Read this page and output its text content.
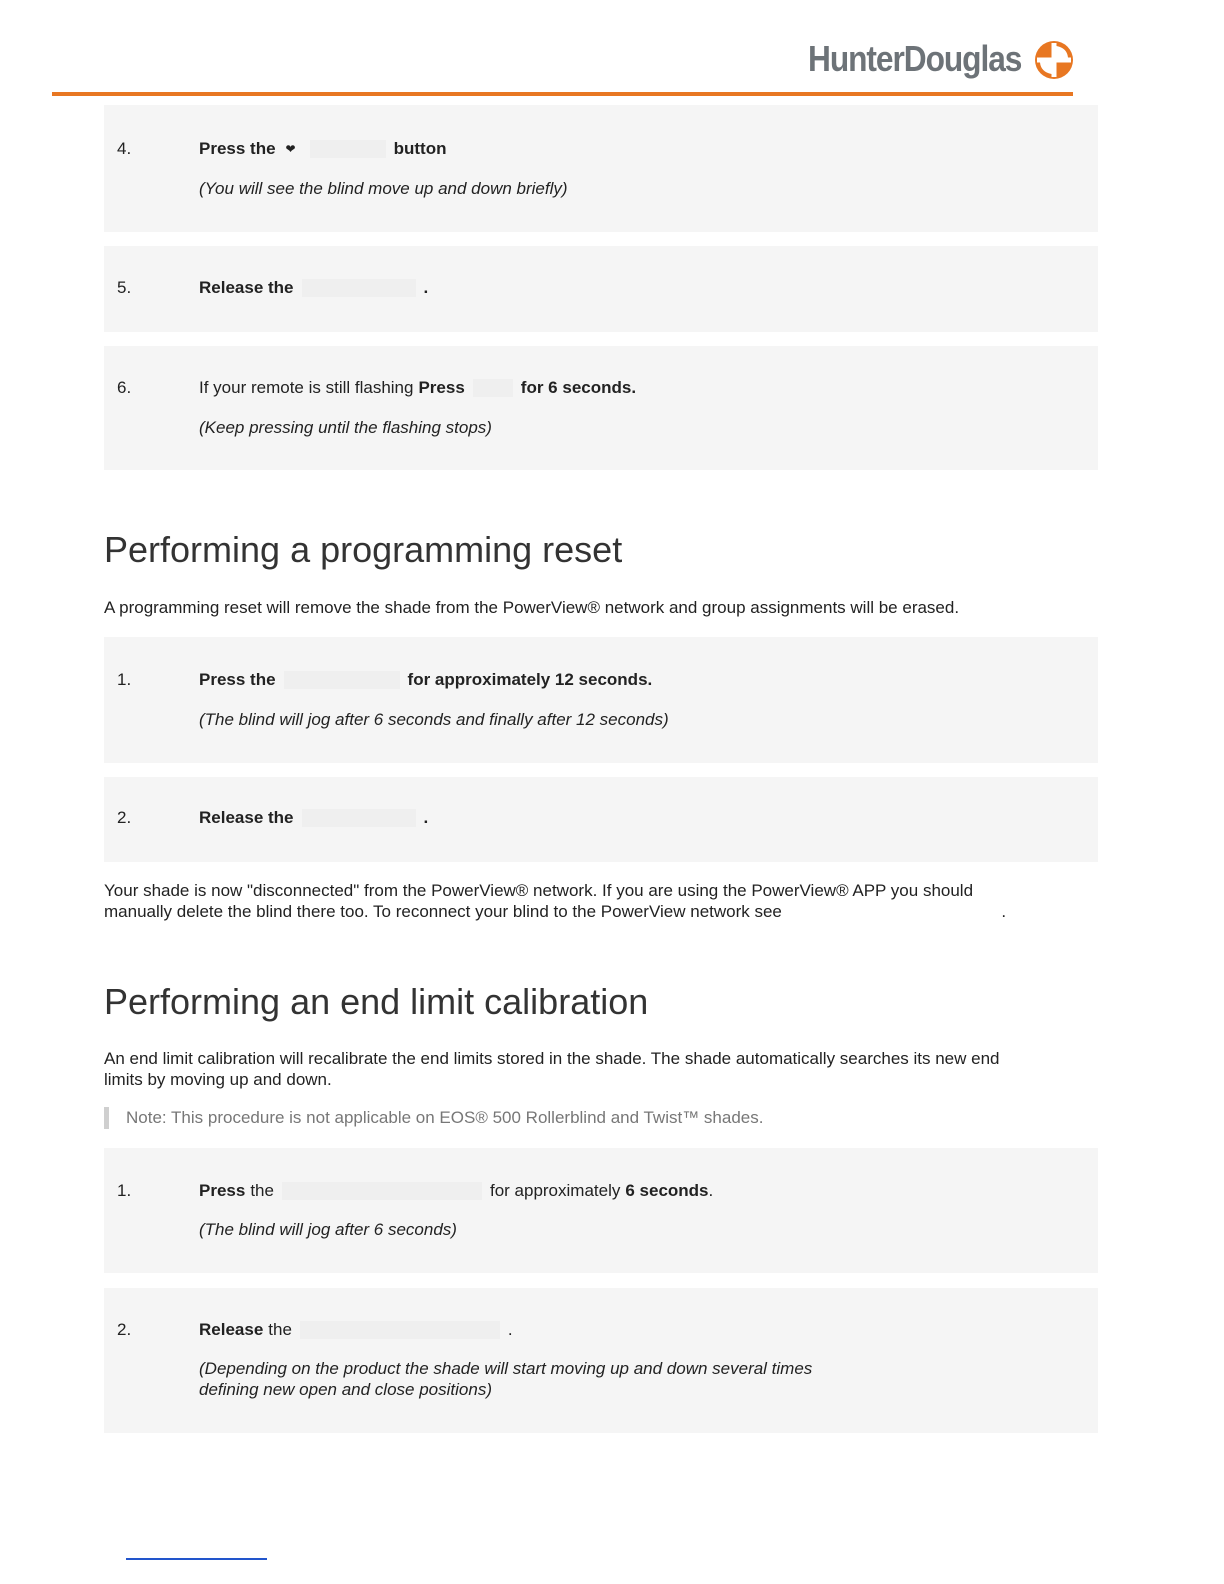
HunterDouglas
4.	Press the ❤	button
(You will see the blind move up and down briefly)
5.	Release the	.
6.	If your remote is still flashing Press	for 6 seconds.
(Keep pressing until the flashing stops)
Performing a programming reset

A programming reset will remove the shade from the PowerView® network and group assignments will be erased.

1.	Press the	for approximately 12 seconds.
(The blind will jog after 6 seconds and finally after 12 seconds)
2.	Release the	.
Your shade is now "disconnected" from the PowerView® network. If you are using the PowerView® APP you should
manually delete the blind there too. To reconnect your blind to the PowerView network see	.
Performing an end limit calibration
An end limit calibration will recalibrate the end limits stored in the shade. The shade automatically searches its new end
limits by moving up and down.
Note: This procedure is not applicable on EOS® 500 Rollerblind and Twist™ shades.
1.	Press the	for approximately 6 seconds .
(The blind will jog after 6 seconds)
2.	Release the	.
(Depending on the product the shade will start moving up and down several times
defining new open and close positions)
